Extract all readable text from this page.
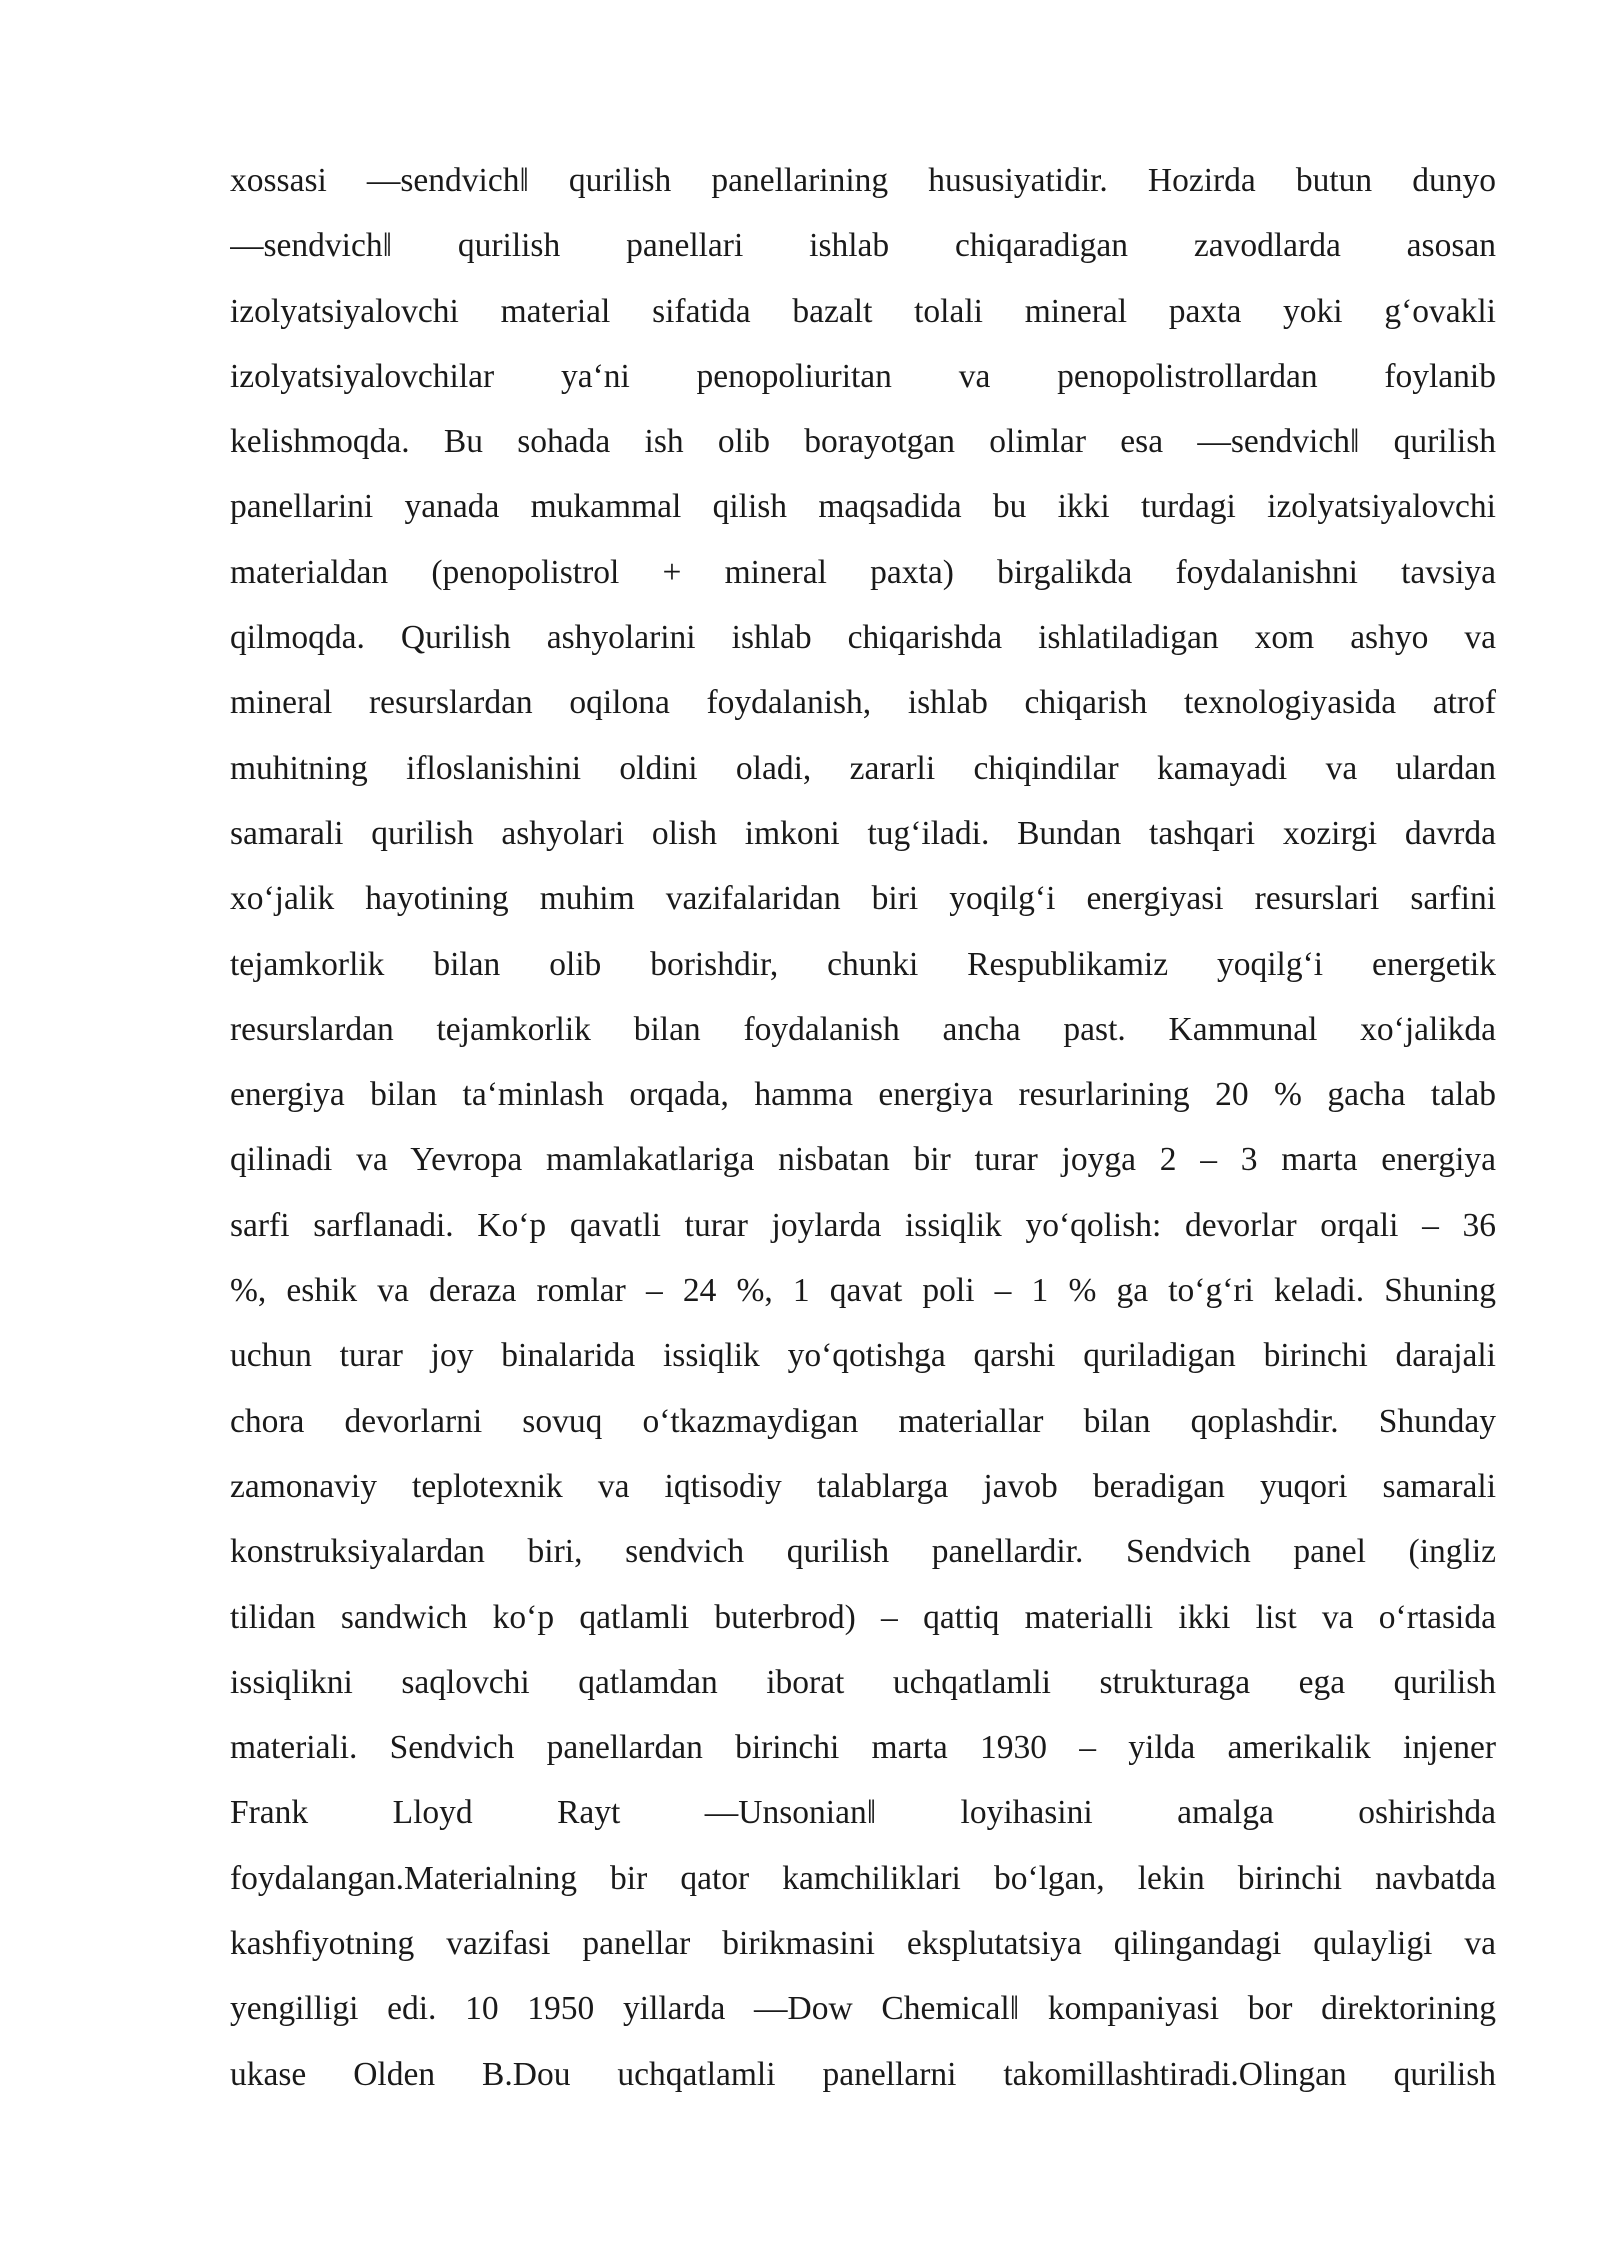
xossasi ―sendvich‖ qurilish panellarining hususiyatidir. Hozirda butun dunyo
―sendvich‖ qurilish panellari ishlab chiqaradigan zavodlarda asosan
izolyatsiyalovchi material sifatida bazalt tolali mineral paxta yoki g‘ovakli
izolyatsiyalovchilar ya‘ni penopoliuritan va penopolistrollardan foylanib
kelishmoqda. Bu sohada ish olib borayotgan olimlar esa ―sendvich‖ qurilish
panellarini yanada mukammal qilish maqsadida bu ikki turdagi izolyatsiyalovchi
materialdan (penopolistrol + mineral paxta) birgalikda foydalanishni tavsiya
qilmoqda. Qurilish ashyolarini ishlab chiqarishda ishlatiladigan xom ashyo va
mineral resurslardan oqilona foydalanish, ishlab chiqarish texnologiyasida atrof
muhitning ifloslanishini oldini oladi, zararli chiqindilar kamayadi va ulardan
samarali qurilish ashyolari olish imkoni tug‘iladi. Bundan tashqari xozirgi davrda
xo‘jalik hayotining muhim vazifalaridan biri yoqilg‘i energiyasi resurslari sarfini
tejamkorlik bilan olib borishdir, chunki Respublikamiz yoqilg‘i energetik
resurslardan tejamkorlik bilan foydalanish ancha past. Kammunal xo‘jalikda
energiya bilan ta‘minlash orqada, hamma energiya resurlarining 20 % gacha talab
qilinadi va Yevropa mamlakatlariga nisbatan bir turar joyga 2 – 3 marta energiya
sarfi sarflanadi. Ko‘p qavatli turar joylarda issiqlik yo‘qolish: devorlar orqali – 36
%, eshik va deraza romlar – 24 %, 1 qavat poli – 1 % ga to‘g‘ri keladi. Shuning
uchun turar joy binalarida issiqlik yo‘qotishga qarshi quriladigan birinchi darajali
chora devorlarni sovuq o‘tkazmaydigan materiallar bilan qoplashdir. Shunday
zamonaviy teplotexnik va iqtisodiy talablarga javob beradigan yuqori samarali
konstruksiyalardan biri, sendvich qurilish panellardir. Sendvich panel (ingliz
tilidan sandwich ko‘p qatlamli buterbrod) – qattiq materialli ikki list va o‘rtasida
issiqlikni saqlovchi qatlamdan iborat uchqatlamli strukturaga ega qurilish
materiali. Sendvich panellardan birinchi marta 1930 – yilda amerikalik injener
Frank Lloyd Rayt ―Unsonian‖ loyihasini amalga oshirishda
foydalangan.Materialning bir qator kamchiliklari bo‘lgan, lekin birinchi navbatda
kashfiyotning vazifasi panellar birikmasini eksplutatsiya qilingandagi qulayligi va
yengilligi edi. 10 1950 yillarda ―Dow Chemical‖ kompaniyasi bor direktorining
ukase Olden B.Dou uchqatlamli panellarni takomillashtiradi.Olingan qurilish
